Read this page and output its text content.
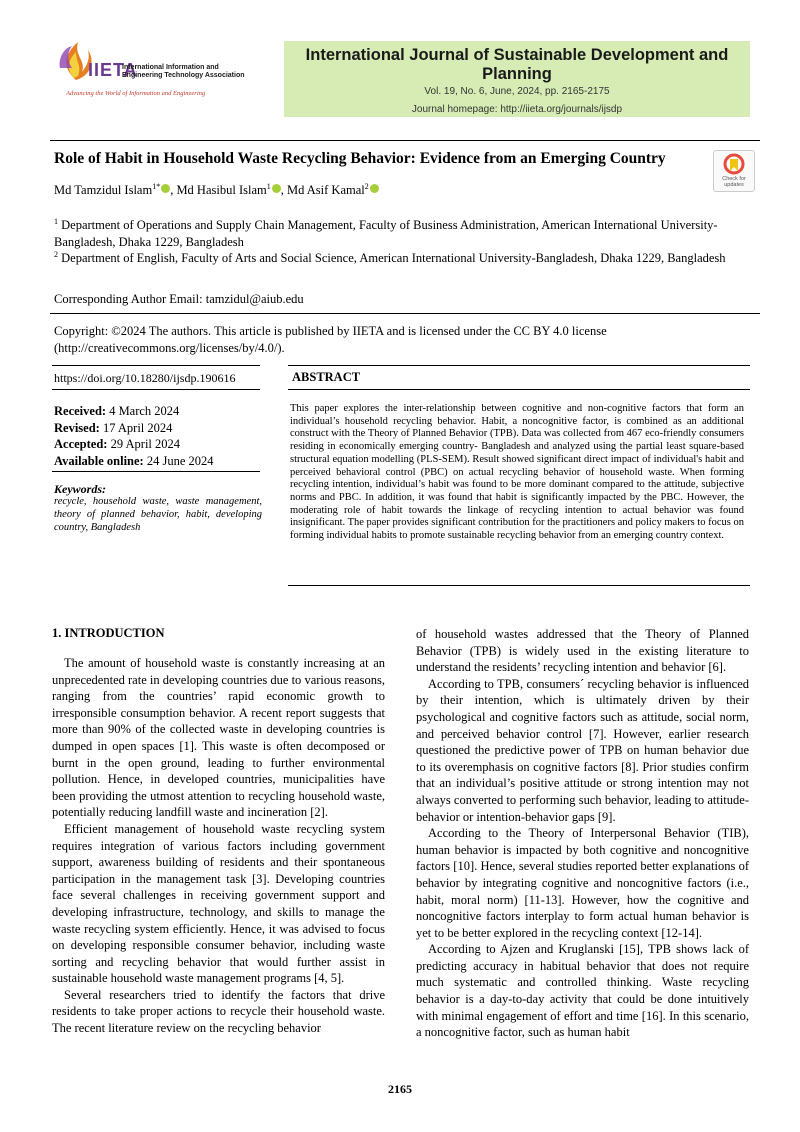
IIETA
International Information and
Engineering Technology Association
Advancing the World of Information and Engineering
International Journal of Sustainable Development and Planning
Vol. 19, No. 6, June, 2024, pp. 2165-2175
Journal homepage: http://iieta.org/journals/ijsdp
Role of Habit in Household Waste Recycling Behavior: Evidence from an Emerging Country
Check for
updates
Md Tamzidul Islam$^{1*}$ , Md Hasibul Islam$^1$ , Md Asif Kamal$^2$
$^1$ Department of Operations and Supply Chain Management, Faculty of Business Administration, American International University-Bangladesh, Dhaka 1229, Bangladesh
$^2$ Department of English, Faculty of Arts and Social Science, American International University-Bangladesh, Dhaka 1229, Bangladesh
Corresponding Author Email: tamzidul@aiub.edu
Copyright: ©2024 The authors. This article is published by IIETA and is licensed under the CC BY 4.0 license (http://creativecommons.org/licenses/by/4.0/).
https://doi.org/10.18280/ijsdp.190616
Received: 4 March 2024
Revised: 17 April 2024
Accepted: 29 April 2024
Available online: 24 June 2024
Keywords:
recycle, household waste, waste management, theory of planned behavior, habit, developing country, Bangladesh
ABSTRACT
This paper explores the inter-relationship between cognitive and non-cognitive factors that form an individual’s household recycling behavior. Habit, a noncognitive factor, is combined as an additional construct with the Theory of Planned Behavior (TPB). Data was collected from 467 eco-friendly consumers residing in economically emerging country- Bangladesh and analyzed using the partial least square-based structural equation modelling (PLS-SEM). Result showed significant direct impact of individual's habit and perceived behavioral control (PBC) on actual recycling behavior of household waste. When forming recycling intention, individual’s habit was found to be more dominant compared to the attitude, subjective norms and PBC. In addition, it was found that habit is significantly impacted by the PBC. However, the moderating role of habit towards the linkage of recycling intention to actual behavior was found insignificant. The paper provides significant contribution for the practitioners and policy makers to focus on forming individual habits to promote sustainable recycling behavior from an emerging country context.
1. INTRODUCTION

The amount of household waste is constantly increasing at an unprecedented rate in developing countries due to various reasons, ranging from the countries’ rapid economic growth to irresponsible consumption behavior. A recent report suggests that more than 90% of the collected waste in developing countries is dumped in open spaces [1]. This waste is often decomposed or burnt in the open ground, leading to further environmental pollution. Hence, in developed countries, municipalities have been providing the utmost attention to recycling household waste, potentially reducing landfill waste and incineration [2].

Efficient management of household waste recycling system requires integration of various factors including government support, awareness building of residents and their spontaneous participation in the management task [3]. Developing countries face several challenges in receiving government support and developing infrastructure, technology, and skills to manage the waste recycling system efficiently. Hence, it was advised to focus on developing responsible consumer behavior, including waste sorting and recycling behavior that would further assist in sustainable household waste management programs [4, 5].

Several researchers tried to identify the factors that drive residents to take proper actions to recycle their household waste. The recent literature review on the recycling behavior

of household wastes addressed that the Theory of Planned Behavior (TPB) is widely used in the existing literature to understand the residents’ recycling intention and behavior [6].

According to TPB, consumers´ recycling behavior is influenced by their intention, which is ultimately driven by their psychological and cognitive factors such as attitude, social norm, and perceived behavior control [7]. However, earlier research questioned the predictive power of TPB on human behavior due to its overemphasis on cognitive factors [8]. Prior studies confirm that an individual’s positive attitude or strong intention may not always converted to performing such behavior, leading to attitude-behavior or intention-behavior gaps [9].

According to the Theory of Interpersonal Behavior (TIB), human behavior is impacted by both cognitive and noncognitive factors [10]. Hence, several studies reported better explanations of behavior by integrating cognitive and noncognitive factors (i.e., habit, moral norm) [11-13]. However, how the cognitive and noncognitive factors interplay to form actual human behavior is yet to be better explored in the recycling context [12-14].

According to Ajzen and Kruglanski [15], TPB shows lack of predicting accuracy in habitual behavior that does not require much systematic and controlled thinking. Waste recycling behavior is a day-to-day activity that could be done intuitively with minimal engagement of effort and time [16]. In this scenario, a noncognitive factor, such as human habit

2165
